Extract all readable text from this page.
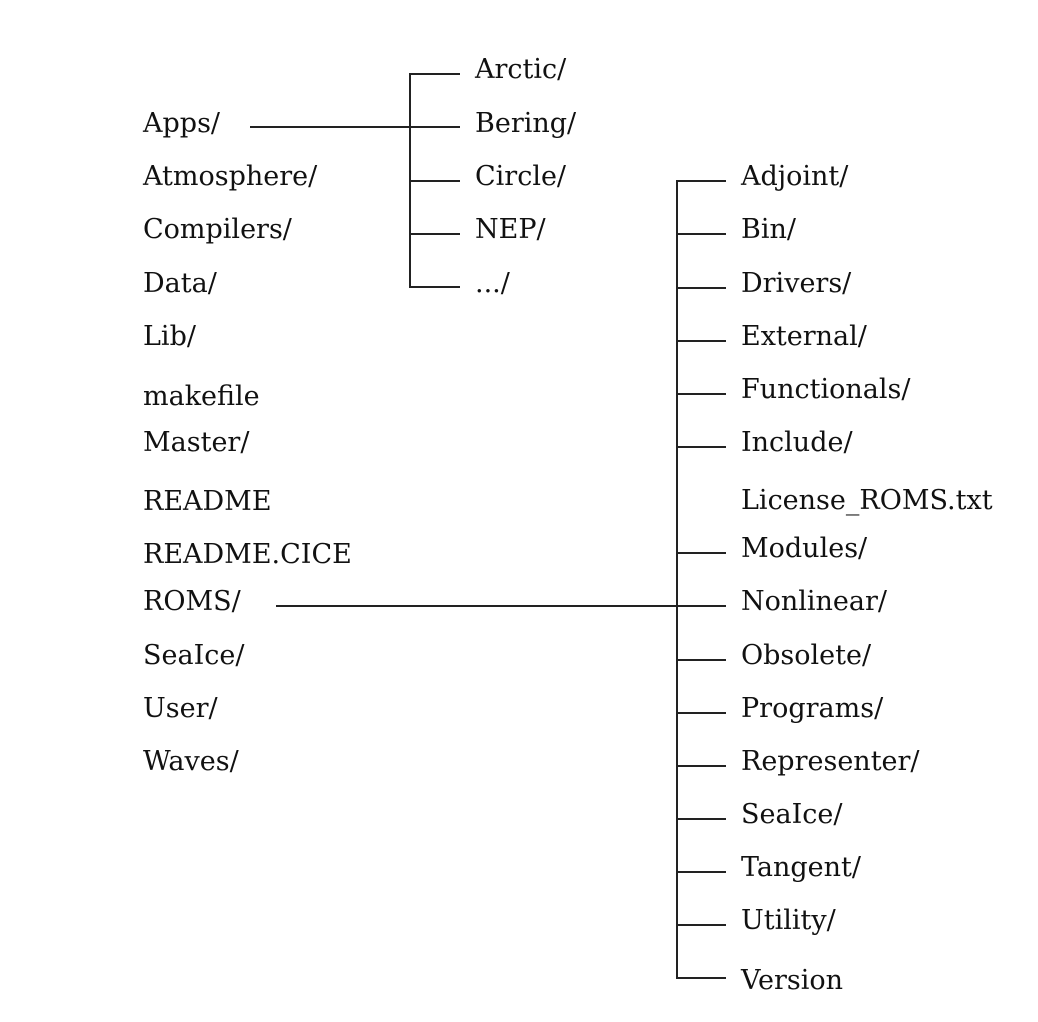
Apps/
Atmosphere/
Compilers/
Data/
Lib/
makefile
Master/
README
README.CICE
ROMS/
SeaIce/
User/
Waves/
Arctic/
Bering/
Circle/
NEP/
.../
Adjoint/
Bin/
Drivers/
External/
Functionals/
Include/
License_ROMS.txt
Modules/
Nonlinear/
Obsolete/
Programs/
Representer/
SeaIce/
Tangent/
Utility/
Version
